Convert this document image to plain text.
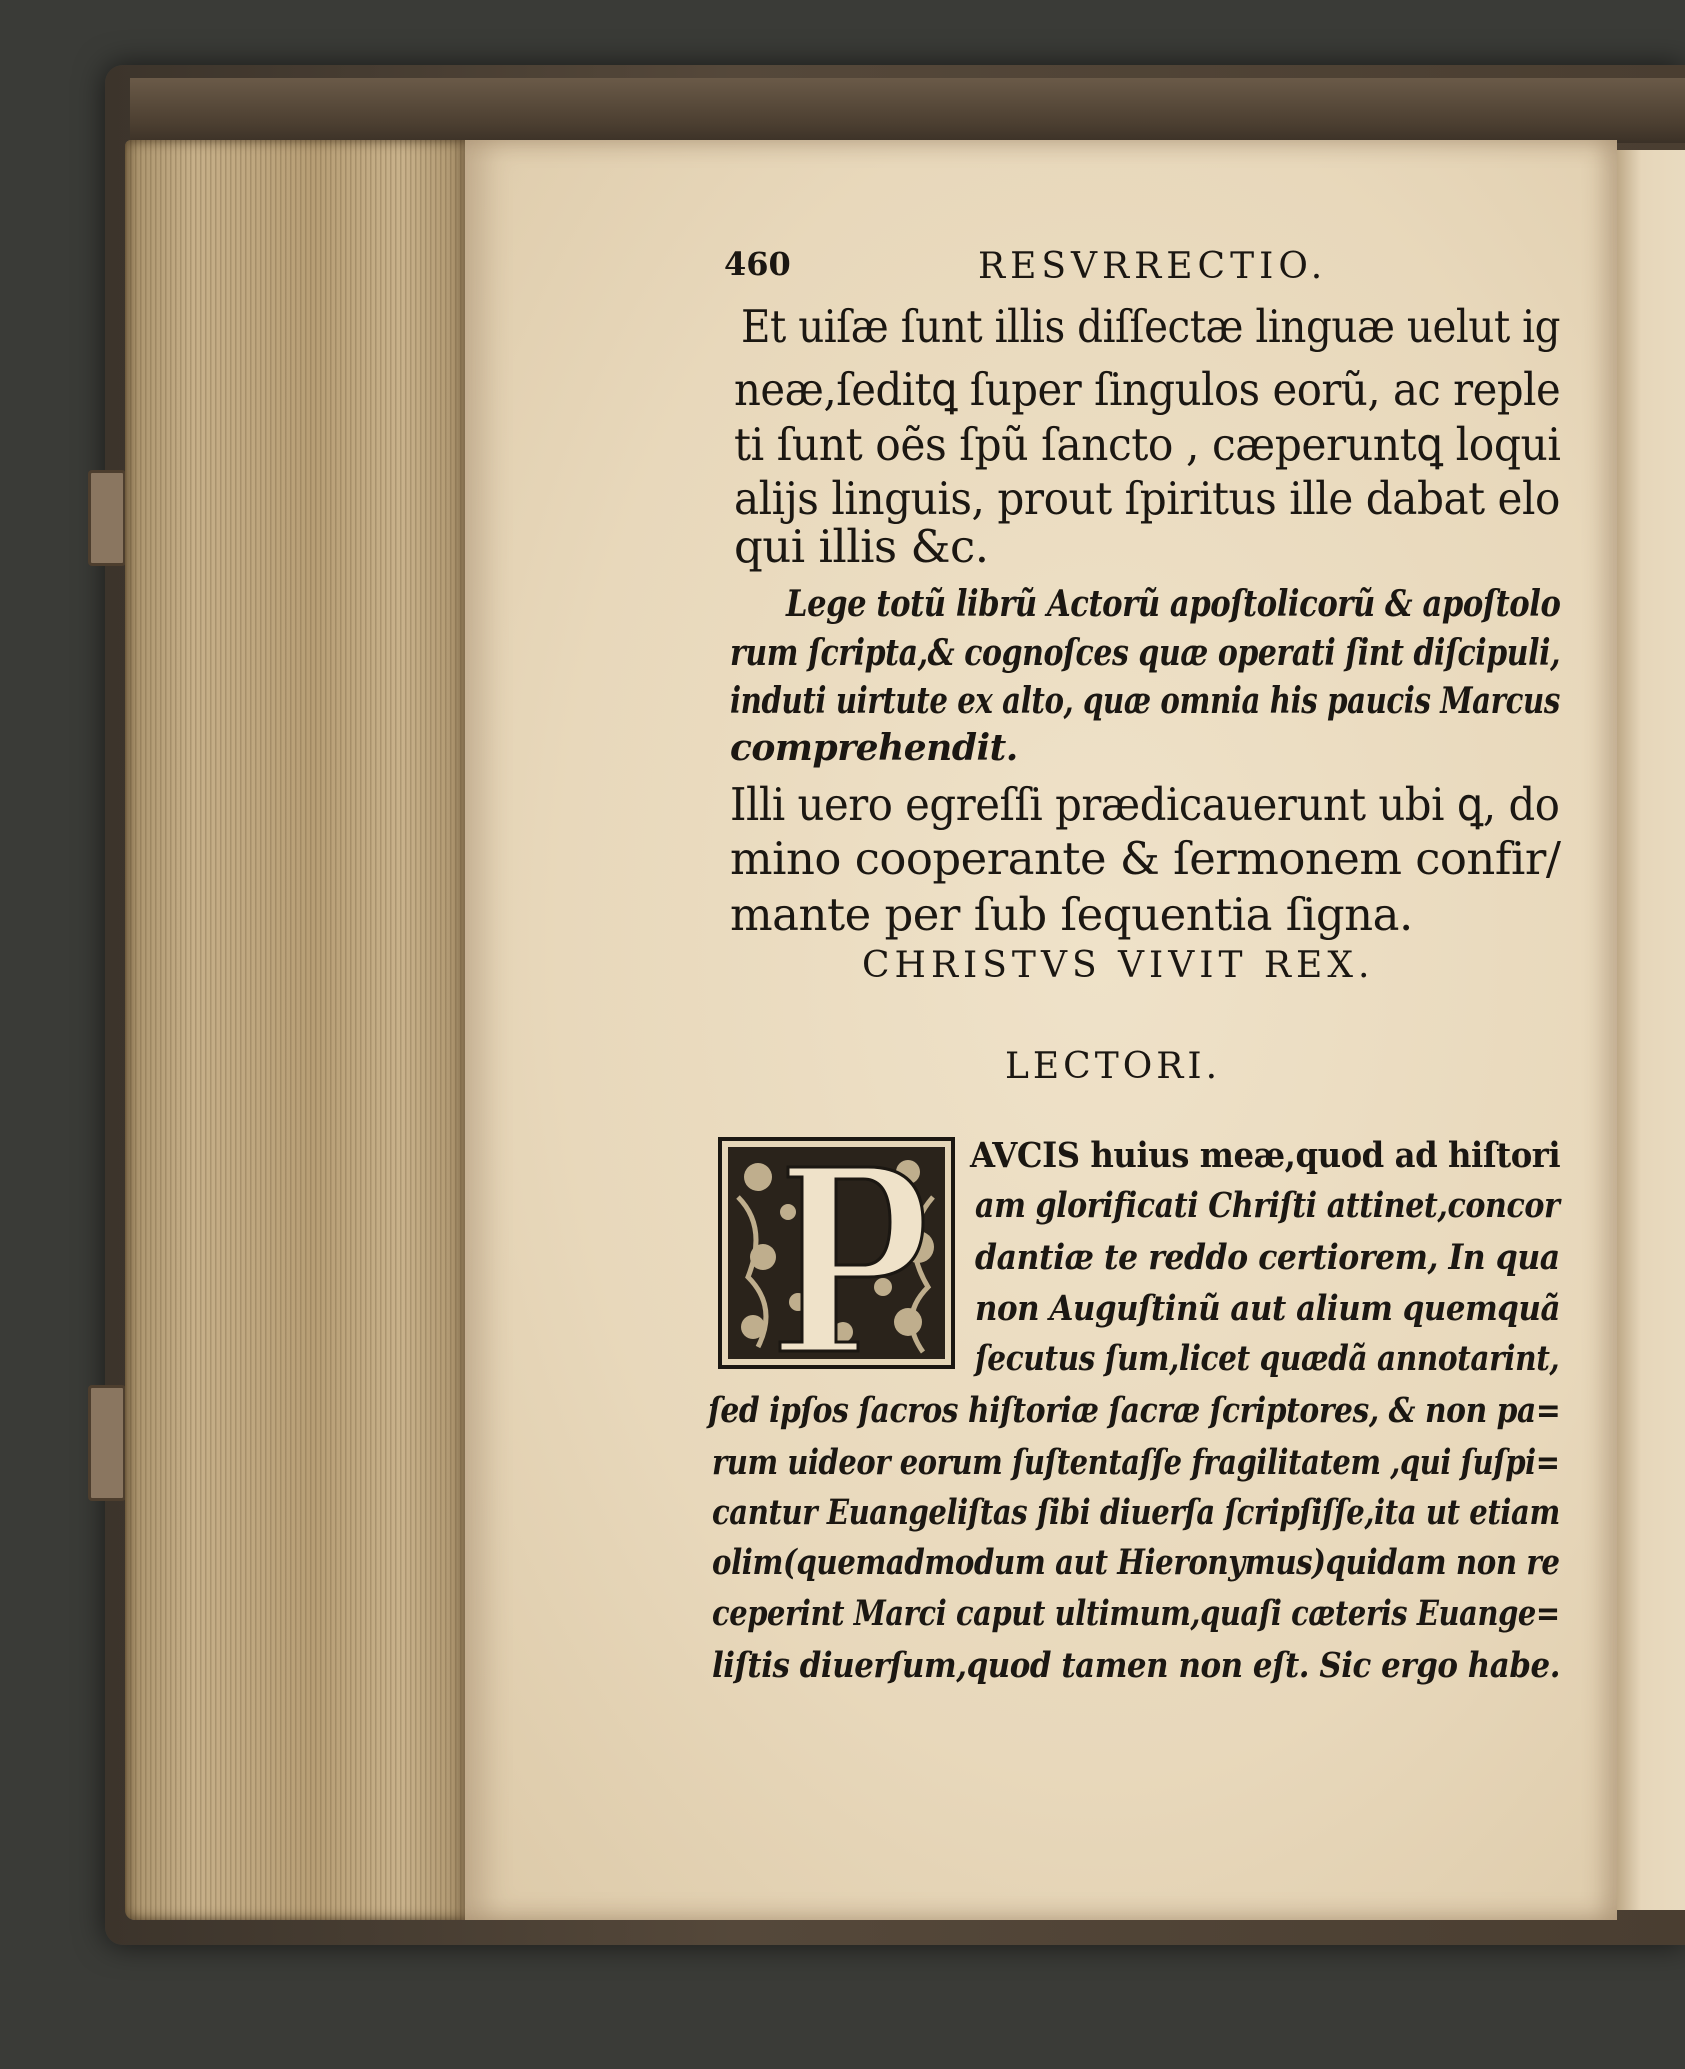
460	RESVRRECTIO.
Et uiſæ ſunt illis diſſectæ linguæ uelut ig
neæ,ſeditꝗ ſuper ſingulos eorũ, ac reple
ti ſunt oẽs ſpũ ſancto , cæperuntꝗ loqui
alijs linguis, prout ſpiritus ille dabat elo
qui illis &c.
Lege totũ librũ Actorũ apoſtolicorũ & apoſtolo
rum ſcripta,& cognoſces quæ operati ſint diſcipuli,
induti uirtute ex alto, quæ omnia his paucis Marcus
comprehendit.
Illi uero egreſſi prædicauerunt ubi ꝗ, do
mino cooperante & ſermonem confir/
mante per ſub ſequentia ſigna.
CHRISTVS VIVIT REX.
LECTORI.
AVCIS huius meæ,quod ad hiſtori
am glorificati Chriſti attinet,concor
dantiæ te reddo certiorem, In qua
non Auguſtinũ aut alium quemquã
ſecutus ſum,licet quædã annotarint,
ſed ipſos ſacros hiſtoriæ ſacræ ſcriptores, & non pa=
rum uideor eorum ſuſtentaſſe fragilitatem ,qui ſuſpi=
cantur Euangeliſtas ſibi diuerſa ſcripſiſſe,ita ut etiam
olim(quemadmodum aut Hieronymus)quidam non re
ceperint Marci caput ultimum,quaſi cæteris Euange=
liſtis diuerſum,quod tamen non eſt. Sic ergo habe.
